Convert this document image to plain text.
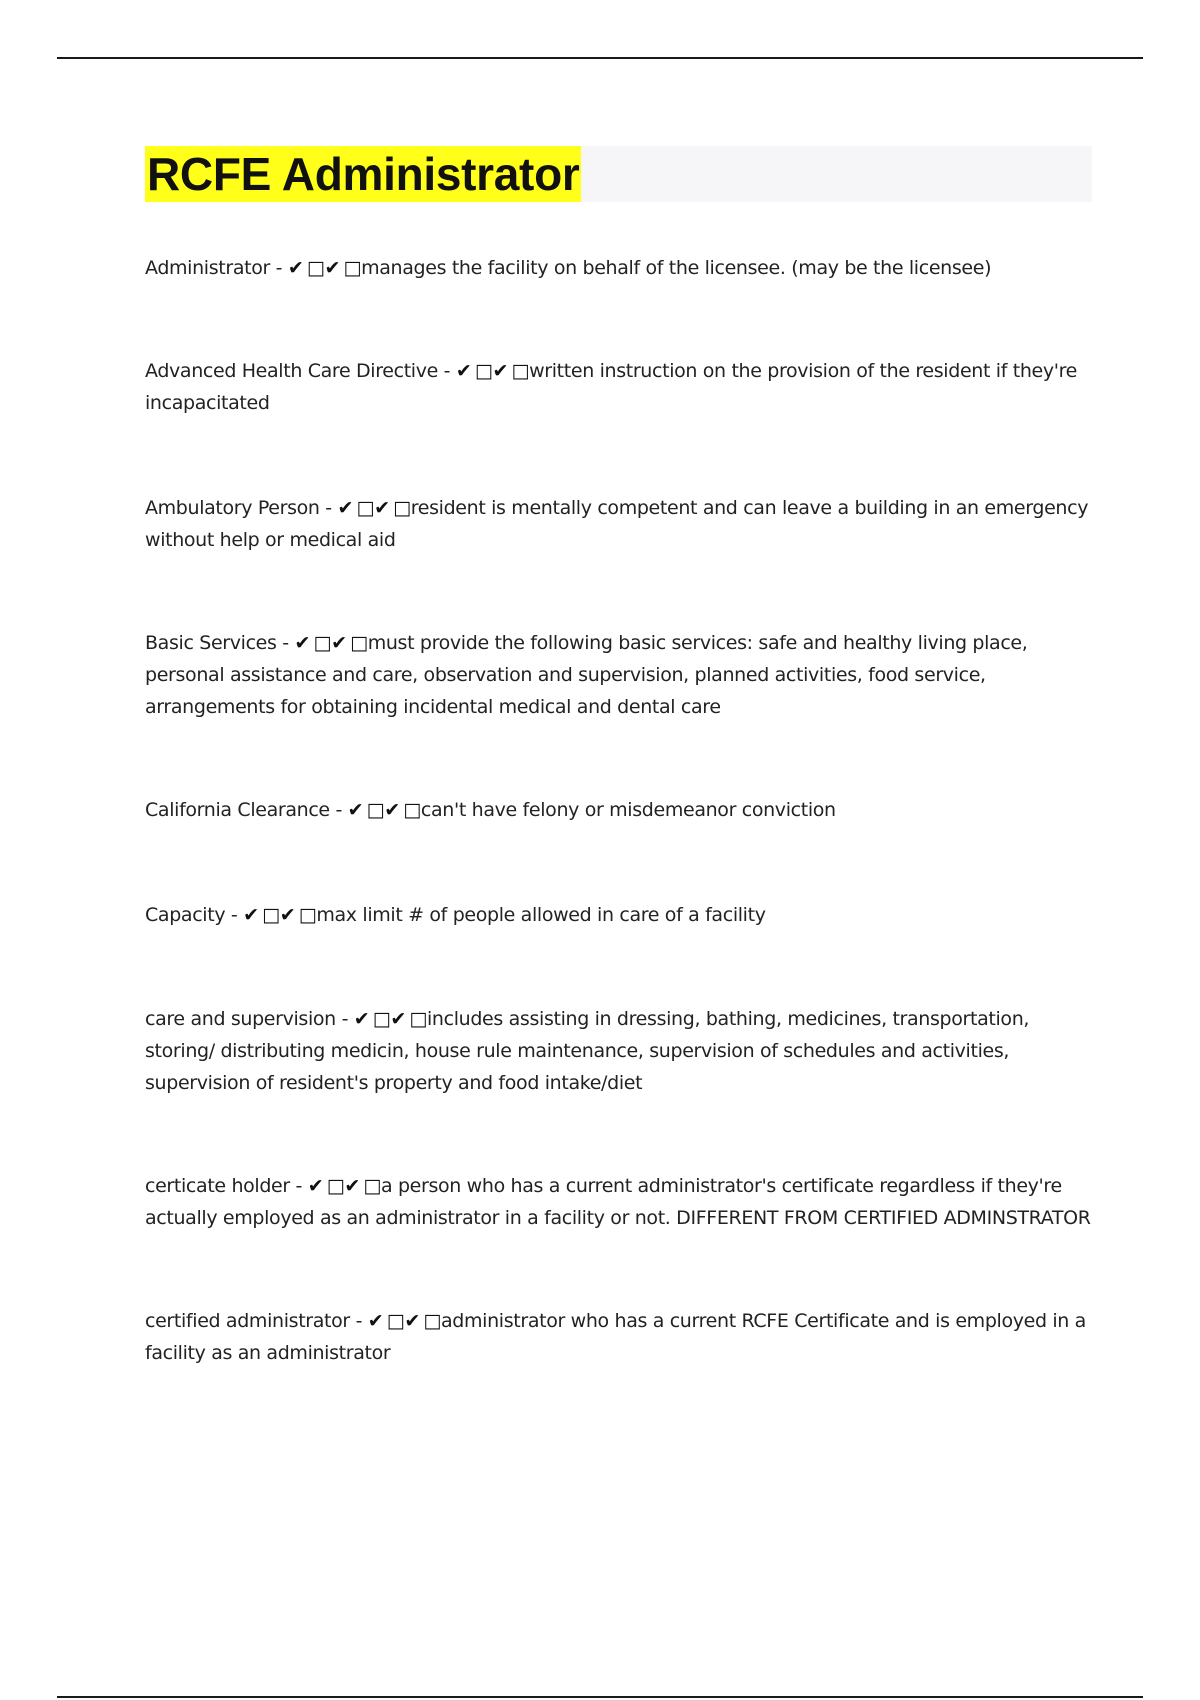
RCFE Administrator
Administrator - ✔ □✔ □manages the facility on behalf of the licensee. (may be the licensee)
Advanced Health Care Directive - ✔ □✔ □written instruction on the provision of the resident if they're incapacitated
Ambulatory Person - ✔ □✔ □resident is mentally competent and can leave a building in an emergency without help or medical aid
Basic Services - ✔ □✔ □must provide the following basic services: safe and healthy living place, personal assistance and care, observation and supervision, planned activities, food service, arrangements for obtaining incidental medical and dental care
California Clearance - ✔ □✔ □can't have felony or misdemeanor conviction
Capacity - ✔ □✔ □max limit # of people allowed in care of a facility
care and supervision - ✔ □✔ □includes assisting in dressing, bathing, medicines, transportation, storing/ distributing medicin, house rule maintenance, supervision of schedules and activities, supervision of resident's property and food intake/diet
certicate holder - ✔ □✔ □a person who has a current administrator's certificate regardless if they're actually employed as an administrator in a facility or not. DIFFERENT FROM CERTIFIED ADMINSTRATOR
certified administrator - ✔ □✔ □administrator who has a current RCFE Certificate and is employed in a facility as an administrator
